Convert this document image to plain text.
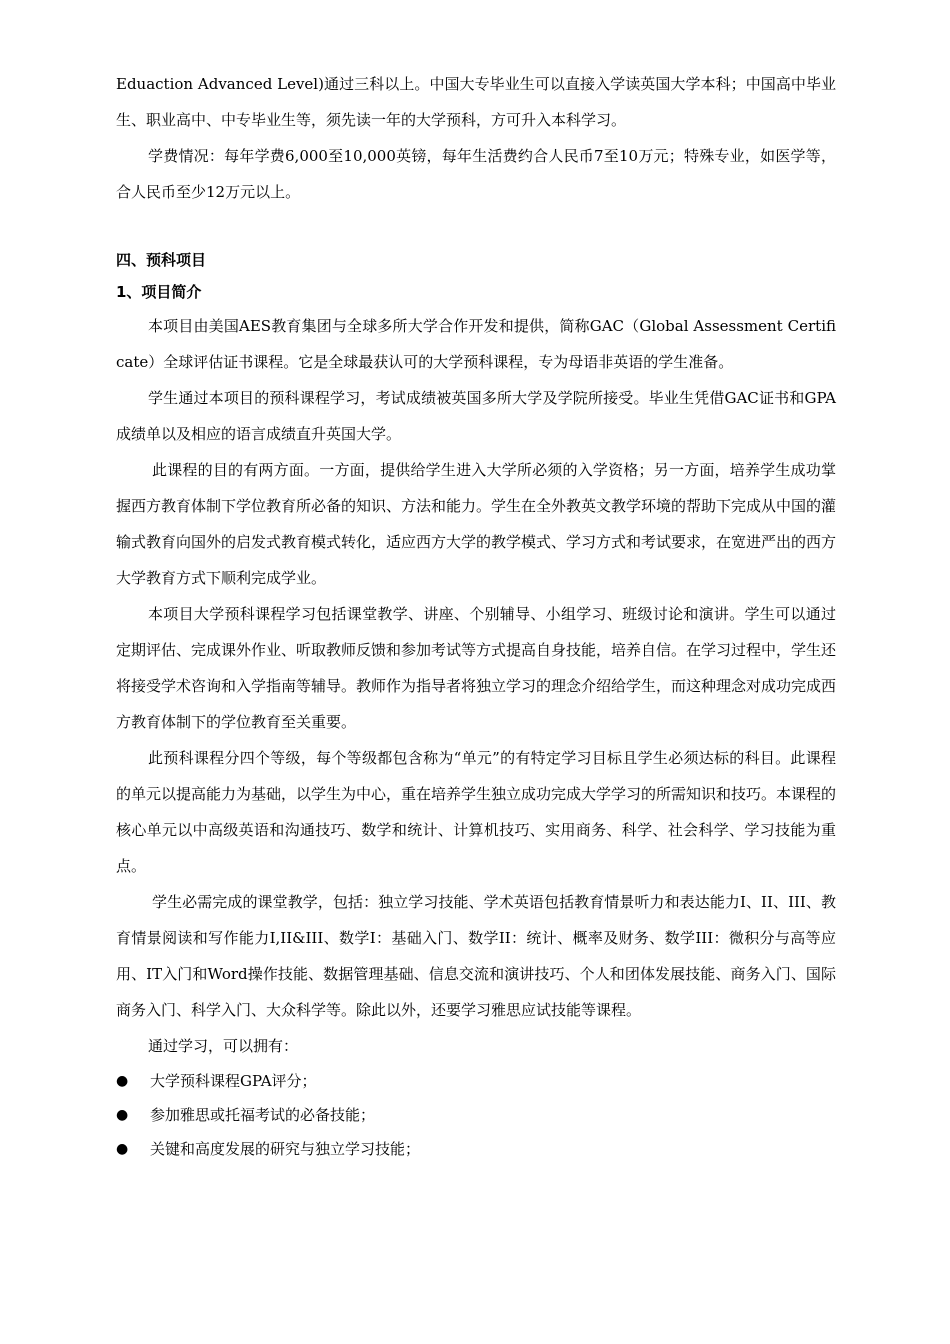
Eduaction Advanced Level)通过三科以上。中国大专毕业生可以直接入学读英国大学本科；中国高中毕业生、职业高中、中专毕业生等，须先读一年的大学预科，方可升入本科学习。

学费情况：每年学费6,000至10,000英镑，每年生活费约合人民币7至10万元；特殊专业，如医学等，合人民币至少12万元以上。

四、预科项目

1、项目简介

本项目由美国AES教育集团与全球多所大学合作开发和提供，简称GAC（Global Assessment Certificate）全球评估证书课程。它是全球最获认可的大学预科课程，专为母语非英语的学生准备。

学生通过本项目的预科课程学习，考试成绩被英国多所大学及学院所接受。毕业生凭借GAC证书和GPA成绩单以及相应的语言成绩直升英国大学。

此课程的目的有两方面。一方面，提供给学生进入大学所必须的入学资格；另一方面，培养学生成功掌握西方教育体制下学位教育所必备的知识、方法和能力。学生在全外教英文教学环境的帮助下完成从中国的灌输式教育向国外的启发式教育模式转化，适应西方大学的教学模式、学习方式和考试要求，在宽进严出的西方大学教育方式下顺利完成学业。

本项目大学预科课程学习包括课堂教学、讲座、个别辅导、小组学习、班级讨论和演讲。学生可以通过定期评估、完成课外作业、听取教师反馈和参加考试等方式提高自身技能，培养自信。在学习过程中，学生还将接受学术咨询和入学指南等辅导。教师作为指导者将独立学习的理念介绍给学生，而这种理念对成功完成西方教育体制下的学位教育至关重要。

此预科课程分四个等级，每个等级都包含称为“单元”的有特定学习目标且学生必须达标的科目。此课程的单元以提高能力为基础，以学生为中心，重在培养学生独立成功完成大学学习的所需知识和技巧。本课程的核心单元以中高级英语和沟通技巧、数学和统计、计算机技巧、实用商务、科学、社会科学、学习技能为重点。

学生必需完成的课堂教学，包括：独立学习技能、学术英语包括教育情景听力和表达能力I、II、III、教育情景阅读和写作能力I,II&III、数学I：基础入门、数学II：统计、概率及财务、数学III：微积分与高等应用、IT入门和Word操作技能、数据管理基础、信息交流和演讲技巧、个人和团体发展技能、商务入门、国际商务入门、科学入门、大众科学等。除此以外，还要学习雅思应试技能等课程。

通过学习，可以拥有：

●	大学预科课程GPA评分；
●	参加雅思或托福考试的必备技能；
●	关键和高度发展的研究与独立学习技能；
